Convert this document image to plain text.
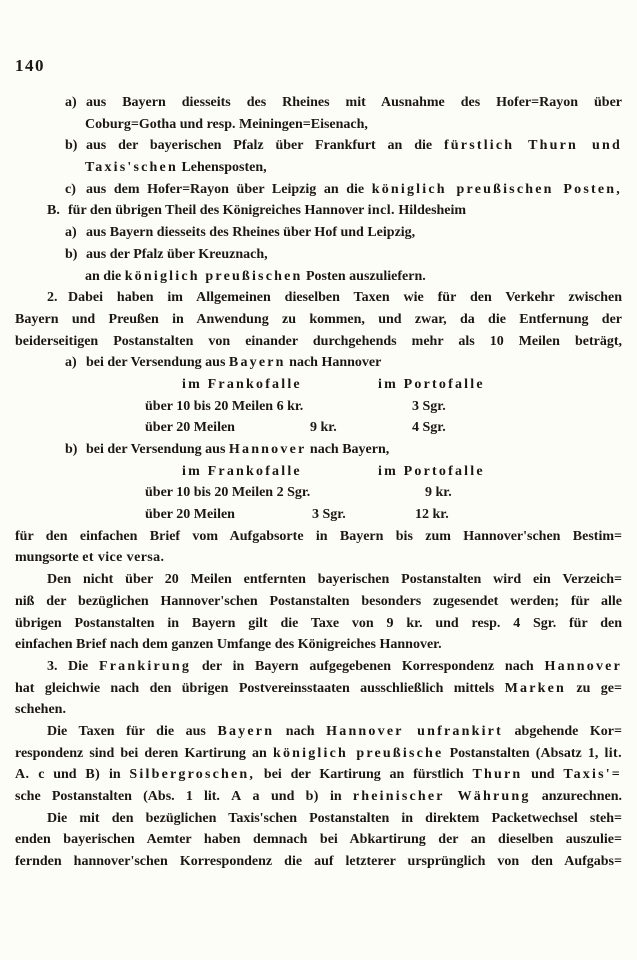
140
a) aus Bayern diesseits des Rheines mit Ausnahme des Hofer=Rayon über
Coburg=Gotha und resp. Meiningen=Eisenach,
b) aus der bayerischen Pfalz über Frankfurt an die fürstlich Thurn und
Taxis'schen Lehensposten,
c) aus dem Hofer=Rayon über Leipzig an die königlich preußischen Posten,
B. für den übrigen Theil des Königreiches Hannover incl. Hildesheim
a) aus Bayern diesseits des Rheines über Hof und Leipzig,
b) aus der Pfalz über Kreuznach,
an die königlich preußischen Posten auszuliefern.
2. Dabei haben im Allgemeinen dieselben Taxen wie für den Verkehr zwischen
Bayern und Preußen in Anwendung zu kommen, und zwar, da die Entfernung der
beiderseitigen Postanstalten von einander durchgehends mehr als 10 Meilen beträgt,
a) bei der Versendung aus Bayern nach Hannover
im Frankofalle	im Portofalle
über 10 bis 20 Meilen 6 kr.	3 Sgr.
über 20 Meilen	9 kr.	4 Sgr.
b) bei der Versendung aus Hannover nach Bayern,
im Frankofalle	im Portofalle
über 10 bis 20 Meilen 2 Sgr.	9 kr.
über 20 Meilen	3 Sgr.	12 kr.
für den einfachen Brief vom Aufgabsorte in Bayern bis zum Hannover'schen Bestim=
mungsorte et vice versa.
Den nicht über 20 Meilen entfernten bayerischen Postanstalten wird ein Verzeich=
niß der bezüglichen Hannover'schen Postanstalten besonders zugesendet werden; für alle
übrigen Postanstalten in Bayern gilt die Taxe von 9 kr. und resp. 4 Sgr. für den
einfachen Brief nach dem ganzen Umfange des Königreiches Hannover.
3. Die Frankirung der in Bayern aufgegebenen Korrespondenz nach Hannover
hat gleichwie nach den übrigen Postvereinsstaaten ausschließlich mittels Marken zu ge=
schehen.
Die Taxen für die aus Bayern nach Hannover unfrankirt abgehende Kor=
respondenz sind bei deren Kartirung an königlich preußische Postanstalten (Absatz 1, lit.
A. c und B) in Silbergroschen, bei der Kartirung an fürstlich Thurn und Taxis'=
sche Postanstalten (Abs. 1 lit. A a und b) in rheinischer Währung anzurechnen.
Die mit den bezüglichen Taxis'schen Postanstalten in direktem Packetwechsel steh=
enden bayerischen Aemter haben demnach bei Abkartirung der an dieselben auszulie=
fernden hannover'schen Korrespondenz die auf letzterer ursprünglich von den Aufgabs=
